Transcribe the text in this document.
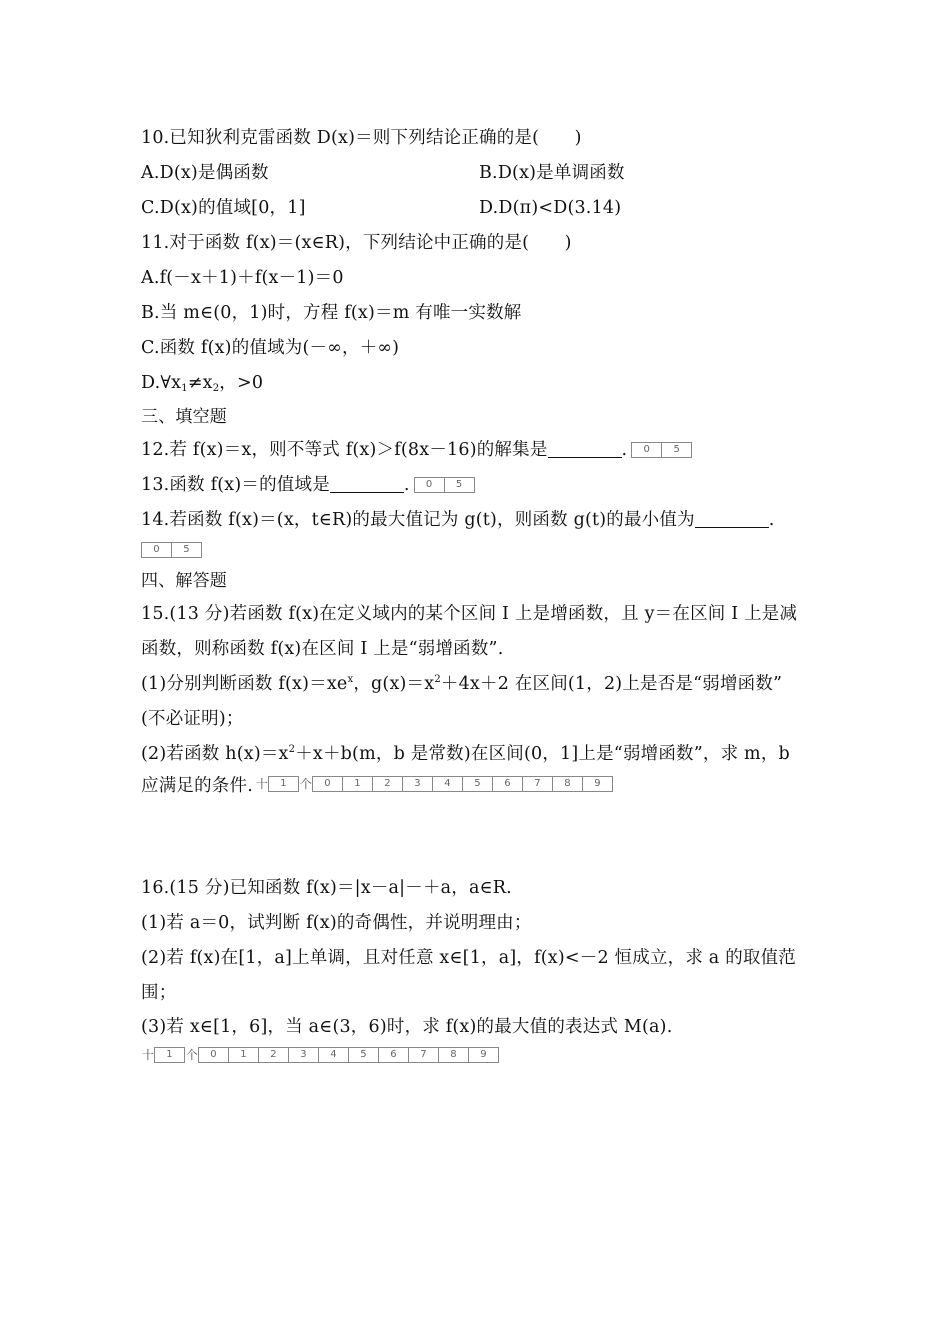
10.已知狄利克雷函数 D(x)＝则下列结论正确的是(　　)
A.D(x)是偶函数	B.D(x)是单调函数
C.D(x)的值域[0，1]	D.D(π)<D(3.14)
11.对于函数 f(x)＝(x∈R)，下列结论中正确的是(　　)
A.f(－x＋1)＋f(x－1)＝0
B.当 m∈(0，1)时，方程 f(x)＝m 有唯一实数解
C.函数 f(x)的值域为(－∞，＋∞)
$D.\forall x_1\ne x_2$，>0
三、填空题
12.若 f(x)＝x，则不等式 f(x)＞f(8x－16)的解集是	.	0	5
13.函数 f(x)＝的值域是	.	0	5
14.若函数 f(x)＝(x，t∈R)的最大值记为 g(t)，则函数 g(t)的最小值为	.
0	5
四、解答题
15.(13 分)若函数 f(x)在定义域内的某个区间 I 上是增函数，且 y＝在区间 I 上是减
函数，则称函数 f(x)在区间 I 上是“弱增函数”.
(1)分别判断函数 $f(x)=xe^x$，$g(x)=x^2+4x+2$ 在区间(1，2)上是否是“弱增函数”
(不必证明)；
(2)若函数 $h(x)=x^2+x+b(m$，b 是常数)在区间(0，1]上是“弱增函数”，求 m，b
应满足的条件. 十	1	个	0	1	2	3	4	5	6	7	8	9
16.(15 分)已知函数 f(x)＝|x－a|－＋a，a∈R.
(1)若 a＝0，试判断 f(x)的奇偶性，并说明理由；
(2)若 f(x)在[1，a]上单调，且对任意 x∈[1，a]，f(x)<－2 恒成立，求 a 的取值范
围；
(3)若 x∈[1，6]，当 a∈(3，6)时，求 f(x)的最大值的表达式 M(a).
十	1	个	0	1	2	3	4	5	6	7	8	9
